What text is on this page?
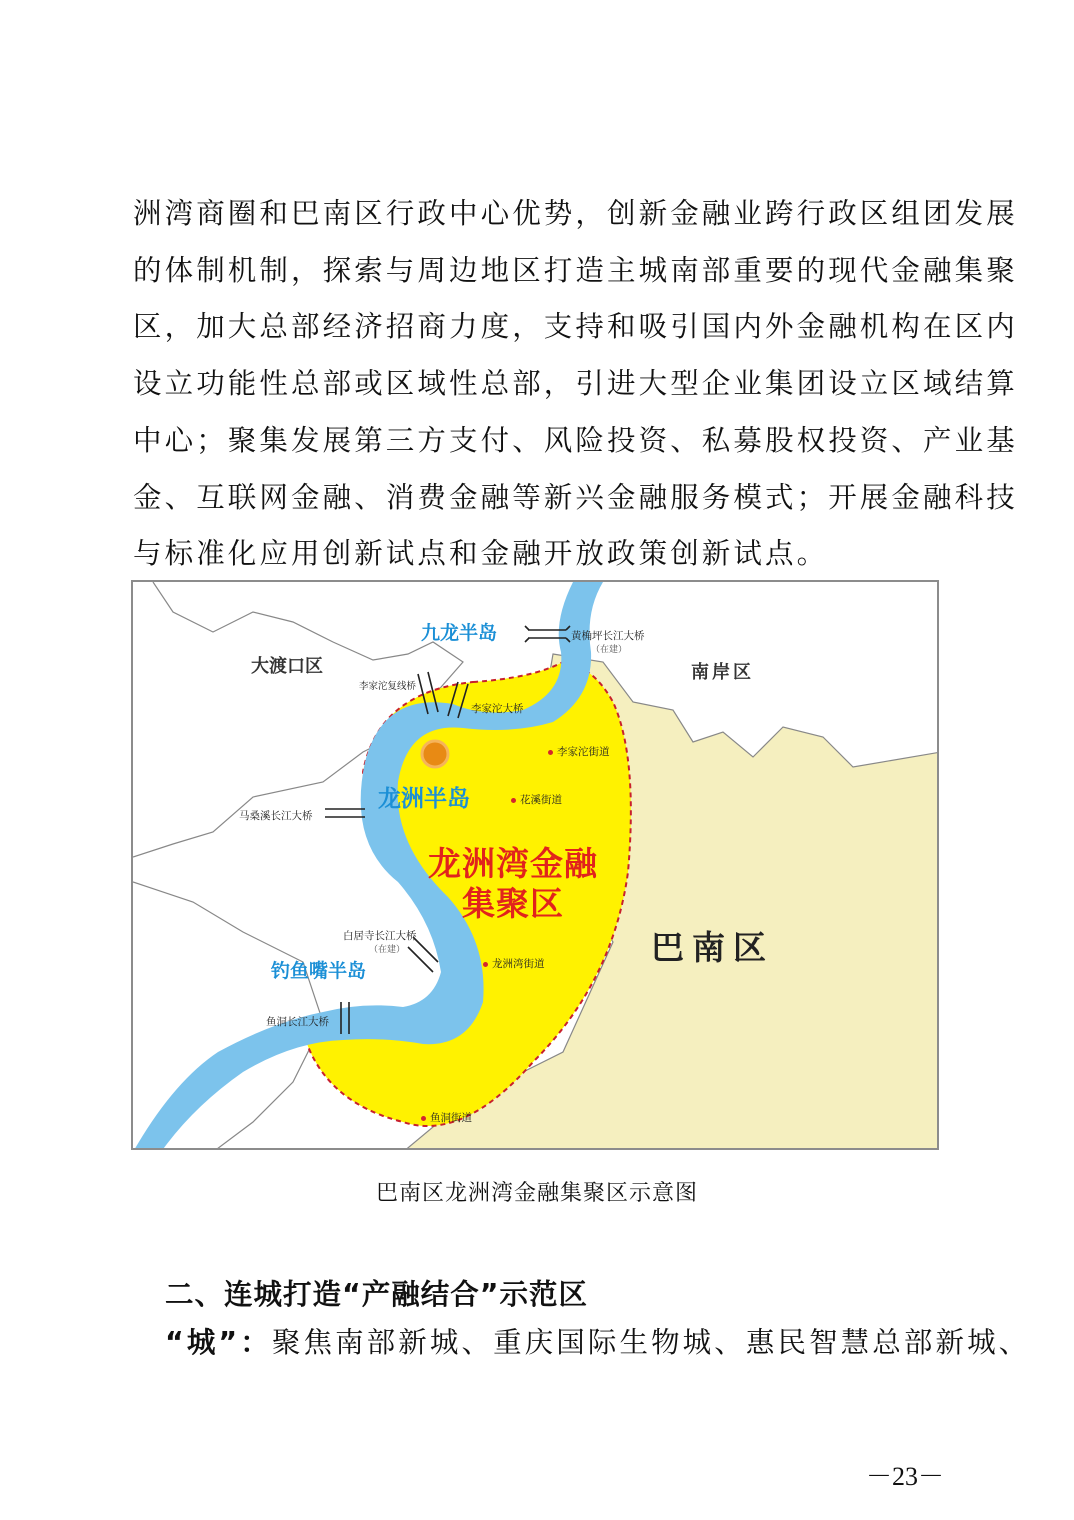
洲湾商圈和巴南区行政中心优势，创新金融业跨行政区组团发展
的体制机制，探索与周边地区打造主城南部重要的现代金融集聚
区，加大总部经济招商力度，支持和吸引国内外金融机构在区内
设立功能性总部或区域性总部，引进大型企业集团设立区域结算
中心；聚集发展第三方支付、风险投资、私募股权投资、产业基
金、互联网金融、消费金融等新兴金融服务模式；开展金融科技
与标准化应用创新试点和金融开放政策创新试点。
九龙半岛
龙洲半岛
钓鱼嘴半岛
大渡口区	南岸区
巴南区
龙洲湾金融
集聚区
黄桷坪长江大桥
（在建）
李家沱复线桥
李家沱大桥
马桑溪长江大桥
白居寺长江大桥
（在建）
鱼洞长江大桥
李家沱街道
花溪街道
龙洲湾街道
鱼洞街道
巴南区龙洲湾金融集聚区示意图
二、连城打造“产融结合”示范区
“城”：聚焦南部新城、重庆国际生物城、惠民智慧总部新城、
－23－
